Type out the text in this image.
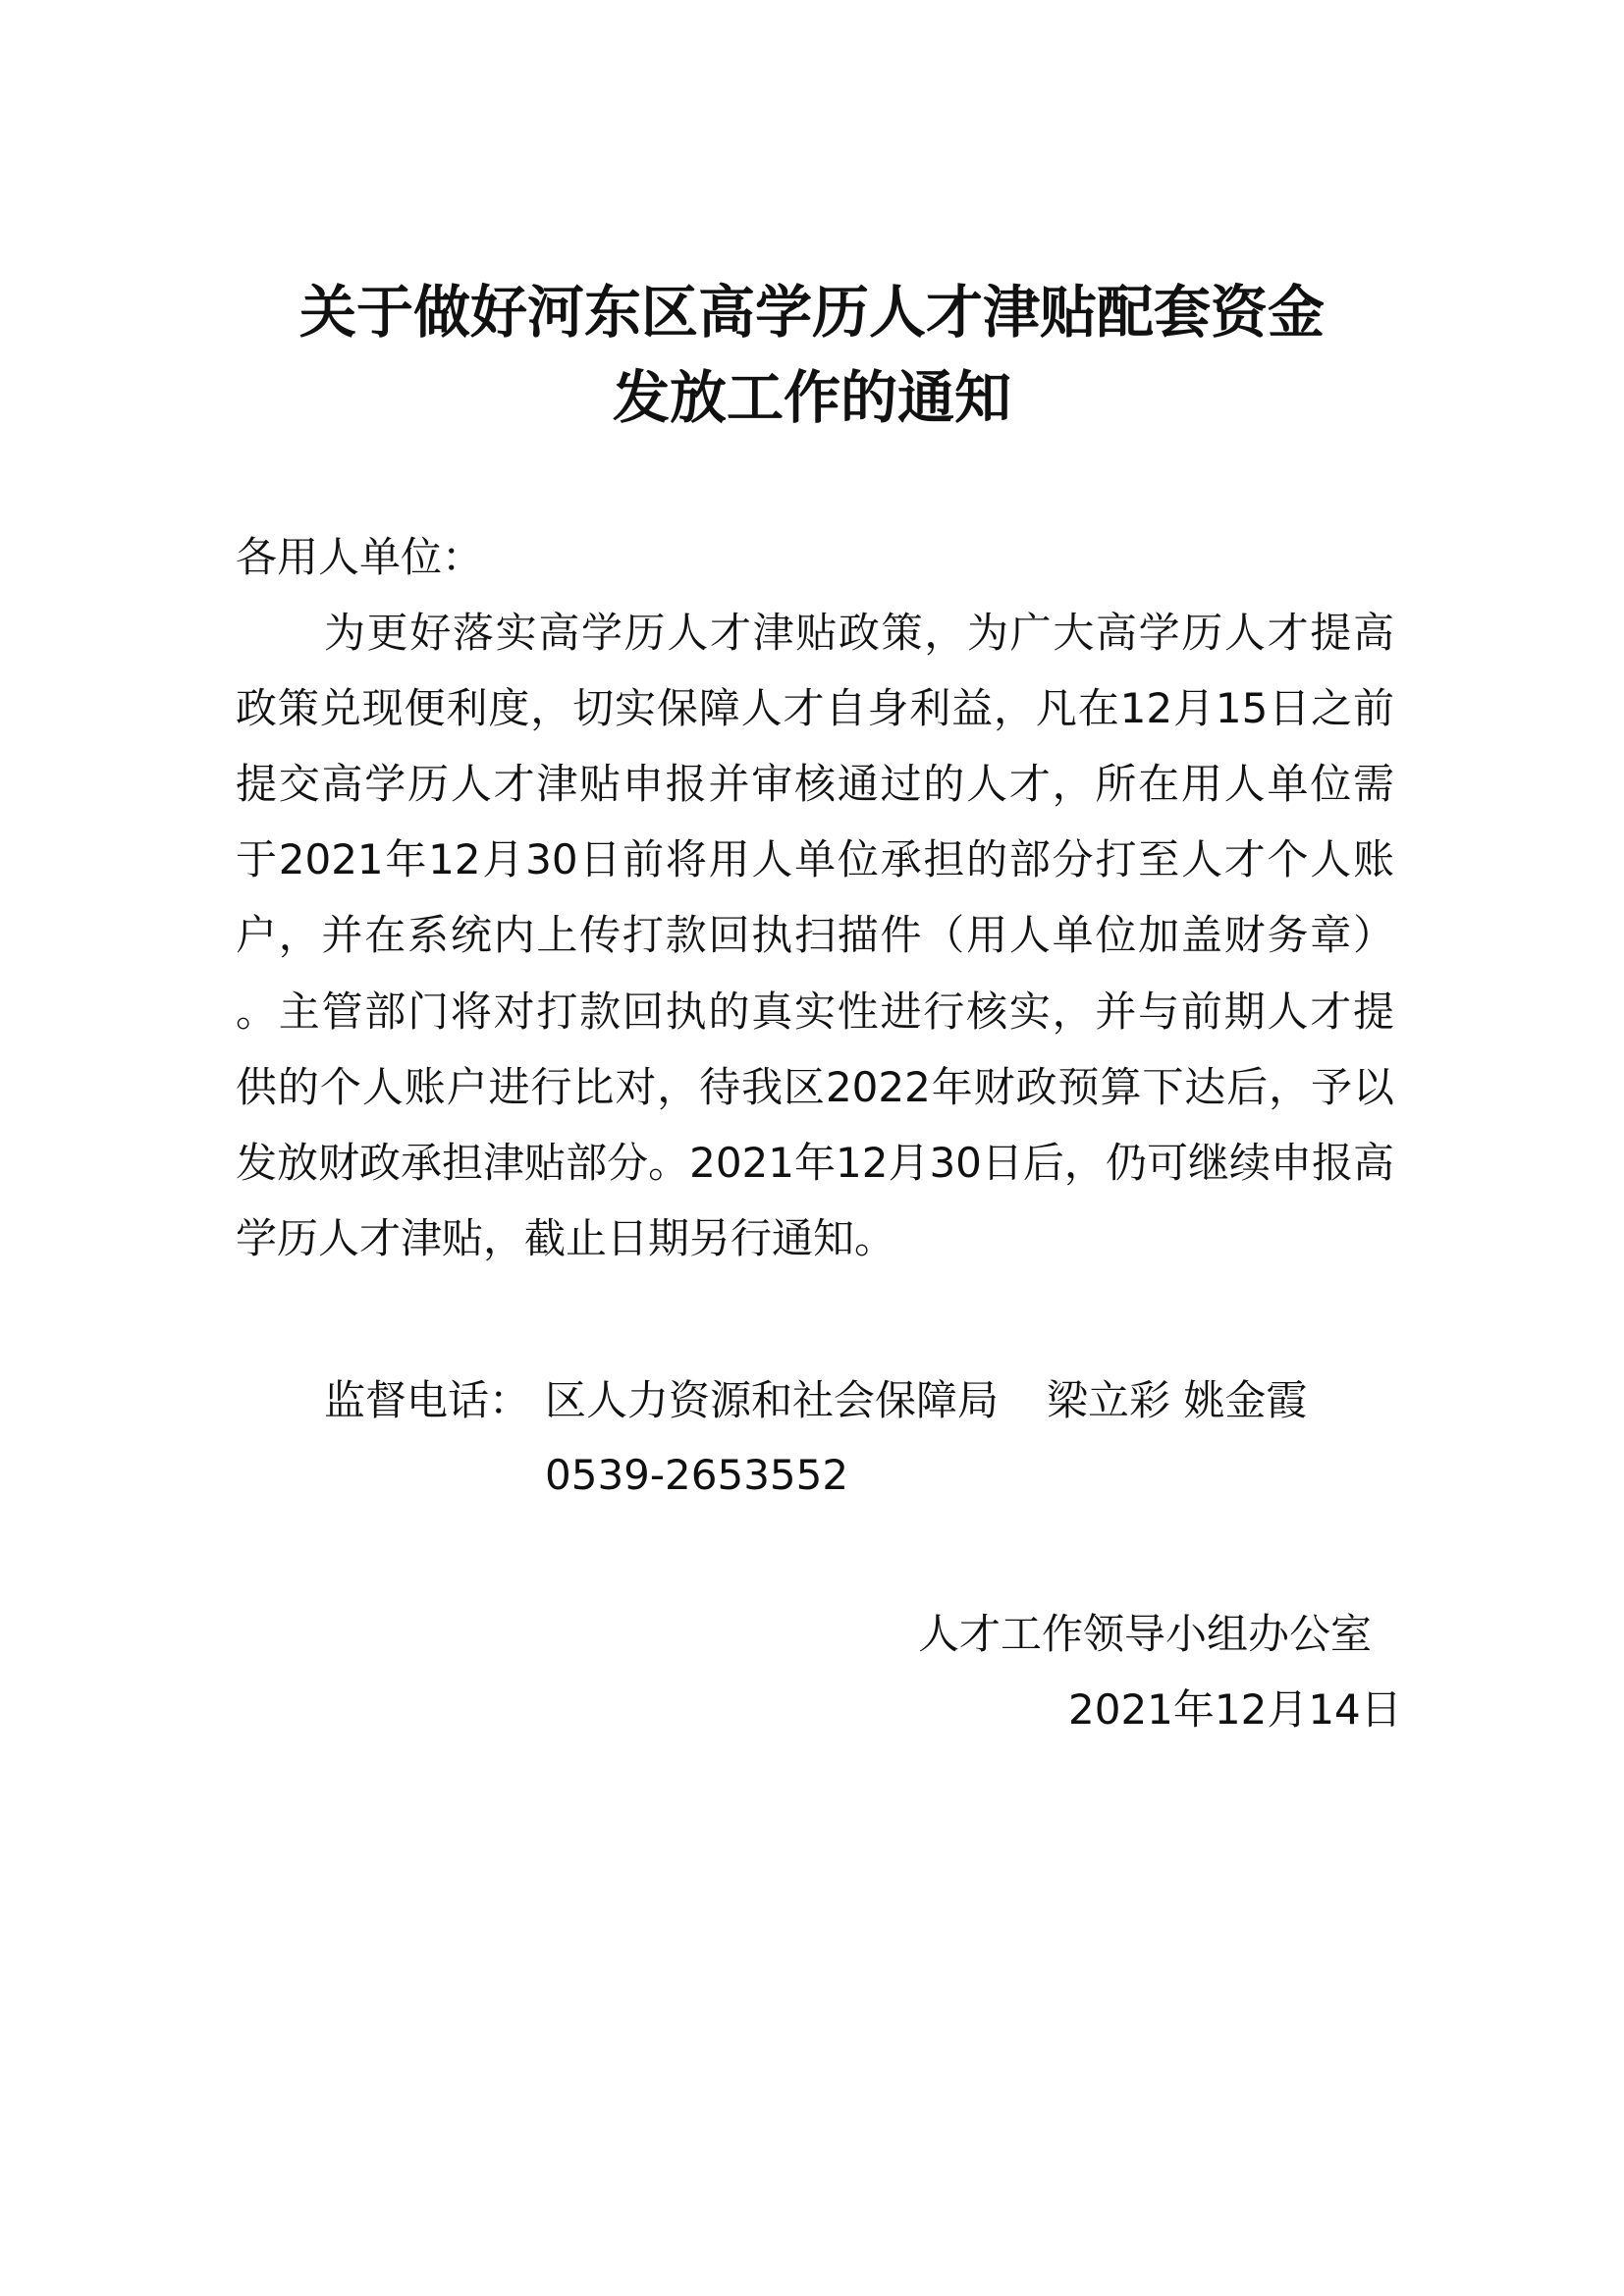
关于做好河东区高学历人才津贴配套资金
发放工作的通知
各用人单位：
为更好落实高学历人才津贴政策，为广大高学历人才提高
政策兑现便利度，切实保障人才自身利益，凡在12月15日之前
提交高学历人才津贴申报并审核通过的人才，所在用人单位需
于2021年12月30日前将用人单位承担的部分打至人才个人账
户，并在系统内上传打款回执扫描件（用人单位加盖财务章）
。主管部门将对打款回执的真实性进行核实，并与前期人才提
供的个人账户进行比对，待我区2022年财政预算下达后，予以
发放财政承担津贴部分。2021年12月30日后，仍可继续申报高
学历人才津贴，截止日期另行通知。
监督电话： 区人力资源和社会保障局 梁立彩 姚金霞
0539-2653552
人才工作领导小组办公室
2021年12月14日
